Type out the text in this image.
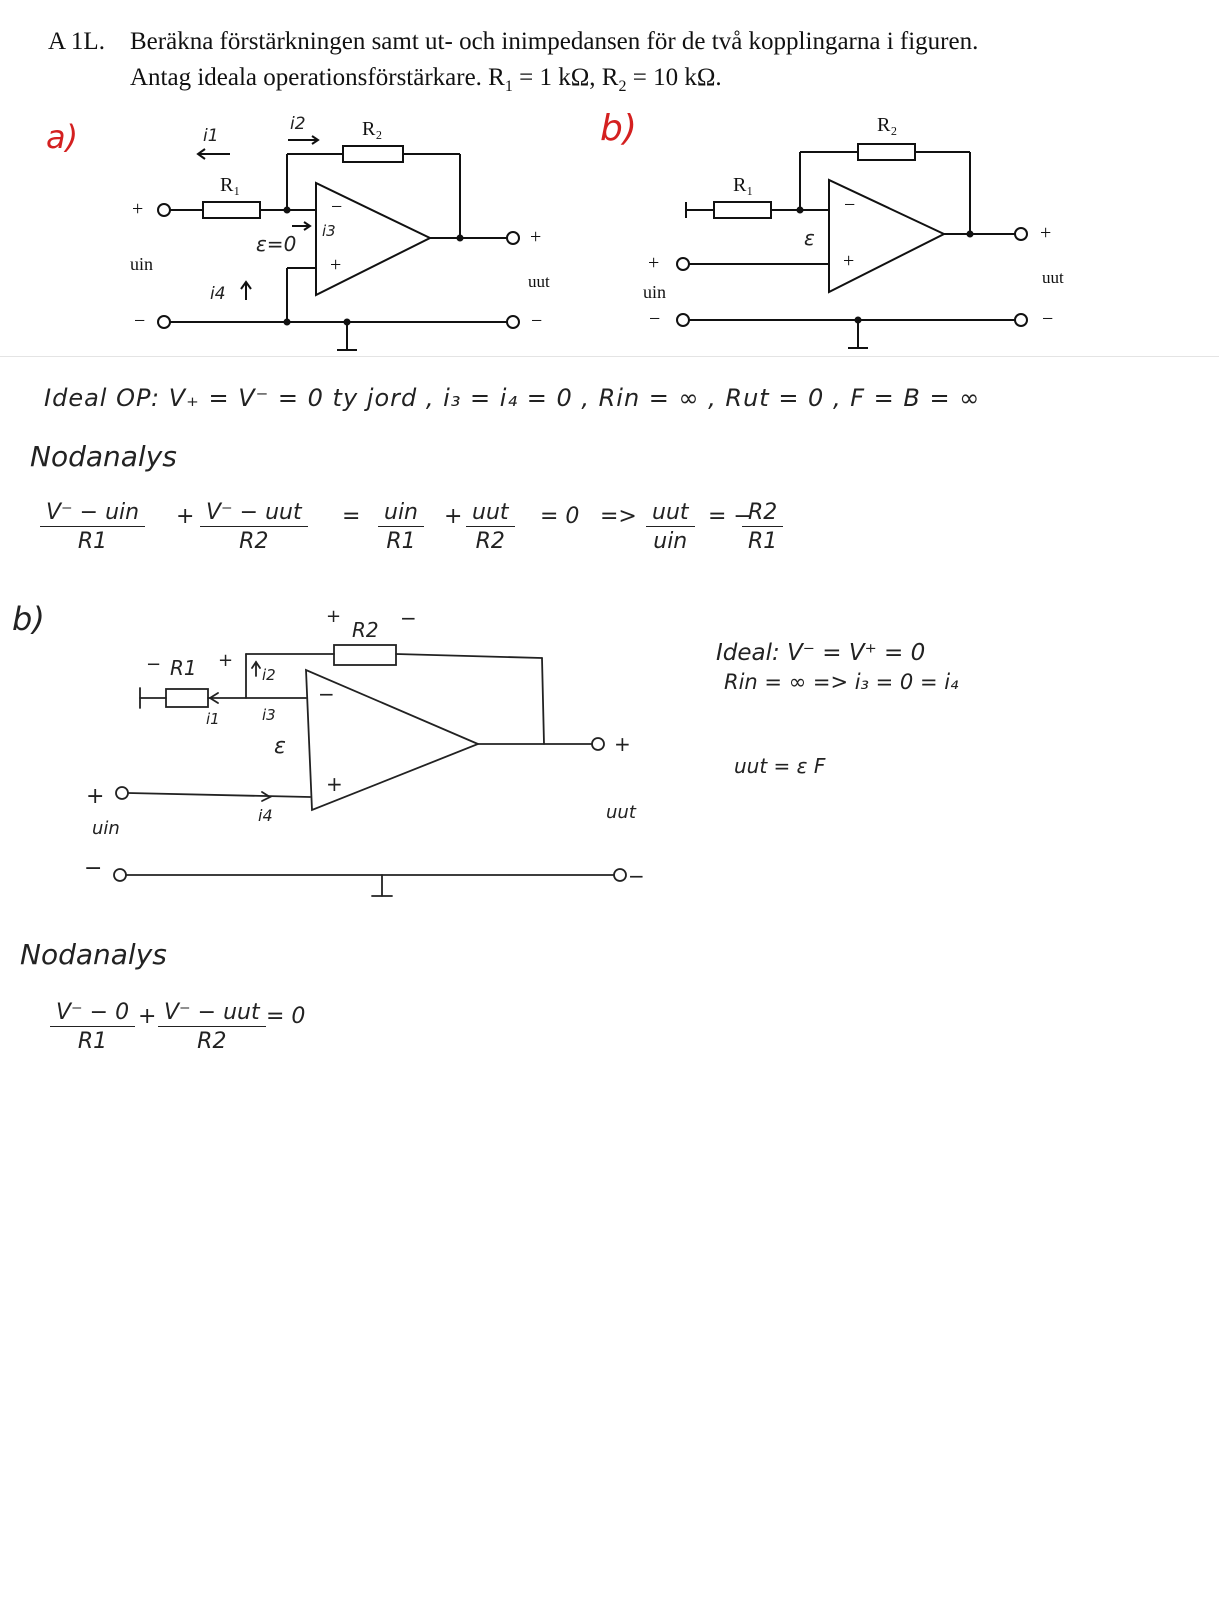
A 1L. Beräkna förstärkningen samt ut- och inimpedansen för de två kopplingarna i figuren.
Antag ideala operationsförstärkare. $R_1 = 1$ kΩ, $R_2 = 10$ kΩ.
a)
R₁
R₂
i1
i2
i3
i4
ε=0
−
+
+
−
+
−
uin
uut
b)
R₁
R₂
ε
−
+
+
−
+
−
uin
uut
Ideal OP: V₊ = V⁻ = 0 ty jord , i₃ = i₄ = 0 , Rin = ∞ , Rut = 0 , F = B = ∞
Nodanalys
V⁻ − uin
R1
+ V⁻ − uut
R2
= uin
R1
+ uut
R2
= 0 => uut
uin
= −
$\frac{R2}{R1}$
b)
R1
−	+
R2
+	−
i1
i2
i3
i4
ε
−
+
+
−
+
−
uin
uut
Ideal: V⁻ = V⁺ = 0
Rin = ∞ => i₃ = 0 = i₄
uut = ε F
Nodanalys
$\frac{V^- - 0}{R1} + V^-$ − uut
R2
= 0
